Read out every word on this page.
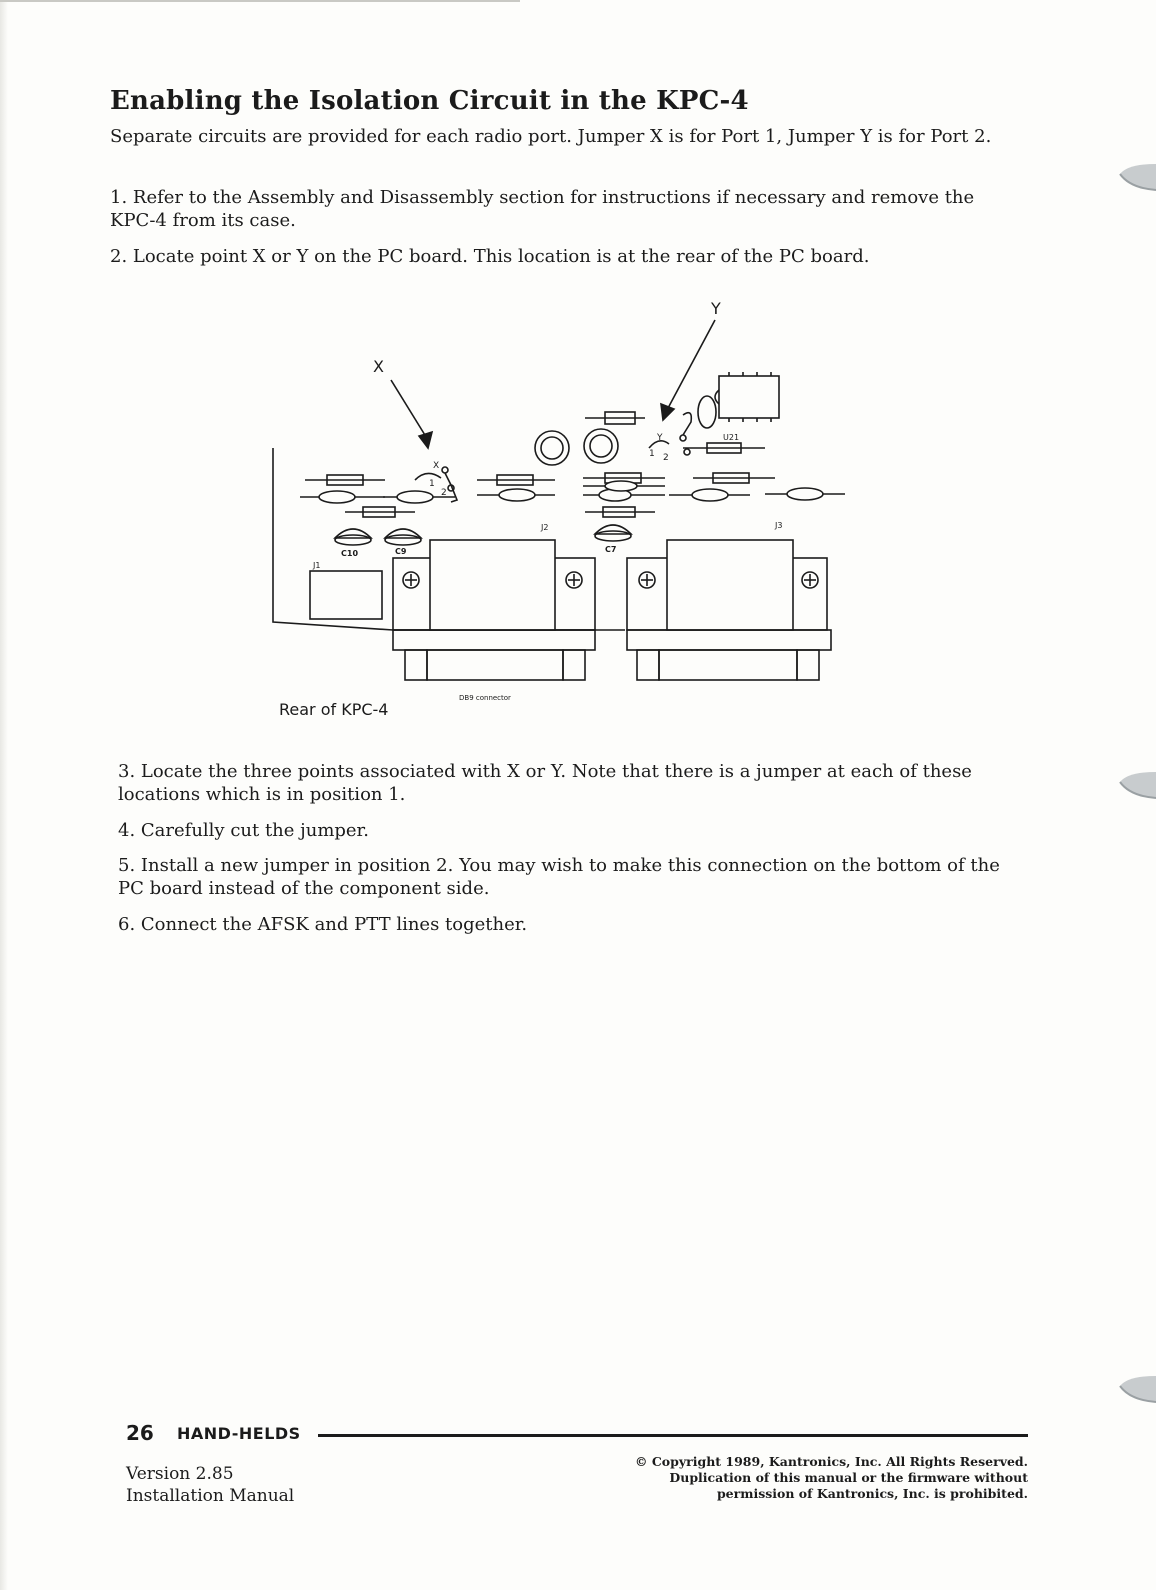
Enabling the Isolation Circuit in the KPC-4
Separate circuits are provided for each radio port. Jumper X is for Port 1, Jumper Y is for Port 2.
1. Refer to the Assembly and Disassembly section for instructions if necessary and remove the KPC-4 from its case.
2. Locate point X or Y on the PC board. This location is at the rear of the PC board.
X
Y
X
1
2
Y
1 2
C10	C9	C7
J1
J2	J3
U21
Rear of KPC-4
DB9 connector
3. Locate the three points associated with X or Y. Note that there is a jumper at each of these locations which is in position 1.
4. Carefully cut the jumper.
5. Install a new jumper in position 2. You may wish to make this connection on the bottom of the PC board instead of the component side.
6. Connect the AFSK and PTT lines together.
26 HAND-HELDS
Version 2.85
Installation Manual
© Copyright 1989, Kantronics, Inc. All Rights Reserved.
Duplication of this manual or the firmware without
permission of Kantronics, Inc. is prohibited.
